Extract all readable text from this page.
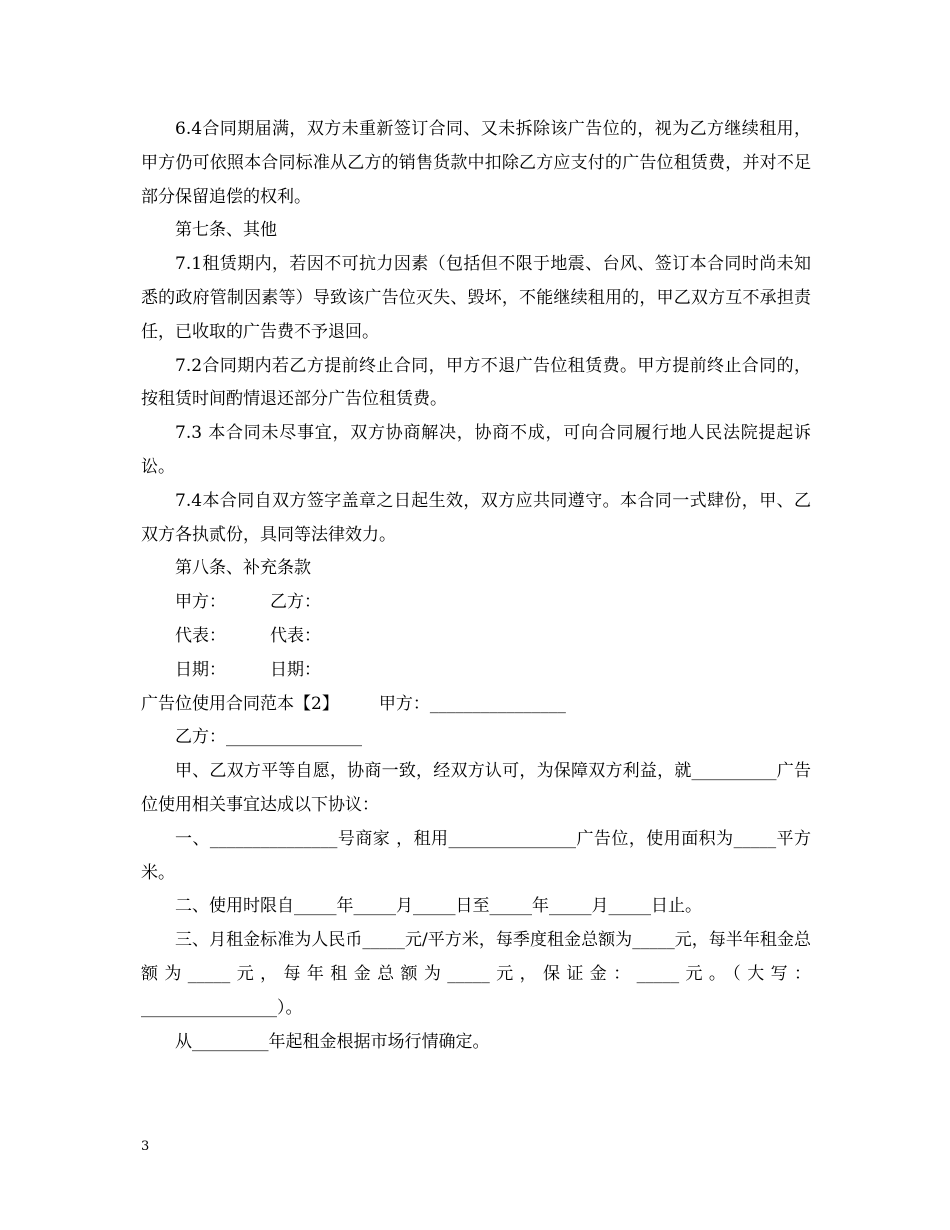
6.4合同期届满，双方未重新签订合同、又未拆除该广告位的，视为乙方继续租用，甲方仍可依照本合同标准从乙方的销售货款中扣除乙方应支付的广告位租赁费，并对不足部分保留追偿的权利。

第七条、其他

7.1租赁期内，若因不可抗力因素（包括但不限于地震、台风、签订本合同时尚未知悉的政府管制因素等）导致该广告位灭失、毁坏，不能继续租用的，甲乙双方互不承担责任，已收取的广告费不予退回。

7.2合同期内若乙方提前终止合同，甲方不退广告位租赁费。甲方提前终止合同的，按租赁时间酌情退还部分广告位租赁费。

7.3 本合同未尽事宜，双方协商解决，协商不成，可向合同履行地人民法院提起诉讼。

7.4本合同自双方签字盖章之日起生效，双方应共同遵守。本合同一式肆份，甲、乙双方各执贰份，具同等法律效力。

第八条、补充条款

甲方：	乙方：

代表：	代表：

日期：	日期：

广告位使用合同范本【2】 甲方：________________

乙方：________________

甲、乙双方平等自愿，协商一致，经双方认可，为保障双方利益，就__________广告位使用相关事宜达成以下协议：

一、_______________号商家 ，租用_______________广告位，使用面积为_____平方米。

二、使用时限自_____年_____月_____日至_____年_____月_____日止。

三、月租金标准为人民币_____元/平方米，每季度租金总额为_____元，每半年租金总额为_____元，每年租金总额为_____元，保证金：_____元。（大写：________________）。

从_________年起租金根据市场行情确定。

3
